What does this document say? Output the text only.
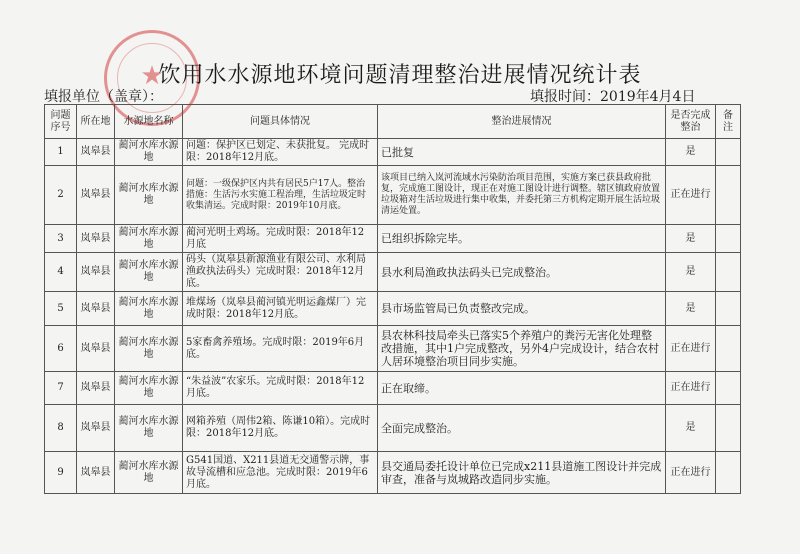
★
饮用水水源地环境问题清理整治进展情况统计表
填报单位（盖章）：	填报时间：2019年4月4日
问题序号	所在地	水源地名称	问题具体情况	整治进展情况	是否完成整治	备注
1	岚皋县	蔺河水库水源地	问题：保护区已划定、未获批复。 完成时限：2018年12月底。	已批复	是	
2	岚皋县	蔺河水库水源地	问题：一级保护区内共有居民5户17人。整治措施：生活污水实施工程治理，生活垃圾定时收集清运。完成时限：2019年10月底。	该项目已纳入岚河流域水污染防治项目范围，实施方案已获县政府批复，完成施工图设计，现正在对施工图设计进行调整。辖区镇政府放置垃圾箱对生活垃圾进行集中收集，并委托第三方机构定期开展生活垃圾清运处置。	正在进行	
3	岚皋县	蔺河水库水源地	蔺河光明土鸡场。完成时限：2018年12月底	已组织拆除完毕。	是	
4	岚皋县	蔺河水库水源地	码头（岚皋县新源渔业有限公司、水利局渔政执法码头）完成时限：2018年12月底。	县水利局渔政执法码头已完成整治。	是	
5	岚皋县	蔺河水库水源地	堆煤场（岚皋县蔺河镇光明运鑫煤厂）完成时限：2018年12月底。	县市场监管局已负责整改完成。	是	
6	岚皋县	蔺河水库水源地	5家畜禽养殖场。完成时限：2019年6月底。	县农林科技局牵头已落实5个养殖户的粪污无害化处理整改措施，其中1户完成整改，另外4户完成设计，结合农村人居环境整治项目同步实施。	正在进行	
7	岚皋县	蔺河水库水源地	“朱益波”农家乐。完成时限：2018年12月底。	正在取缔。	正在进行	
8	岚皋县	蔺河水库水源地	网箱养殖（周伟2箱、陈谦10箱）。完成时限：2018年12月底。	全面完成整治。	是	
9	岚皋县	蔺河水库水源地	G541国道、X211县道无交通警示牌，事故导流槽和应急池。完成时限：2019年6月底。	县交通局委托设计单位已完成x211县道施工图设计并完成审查，准备与岚城路改造同步实施。	正在进行	
